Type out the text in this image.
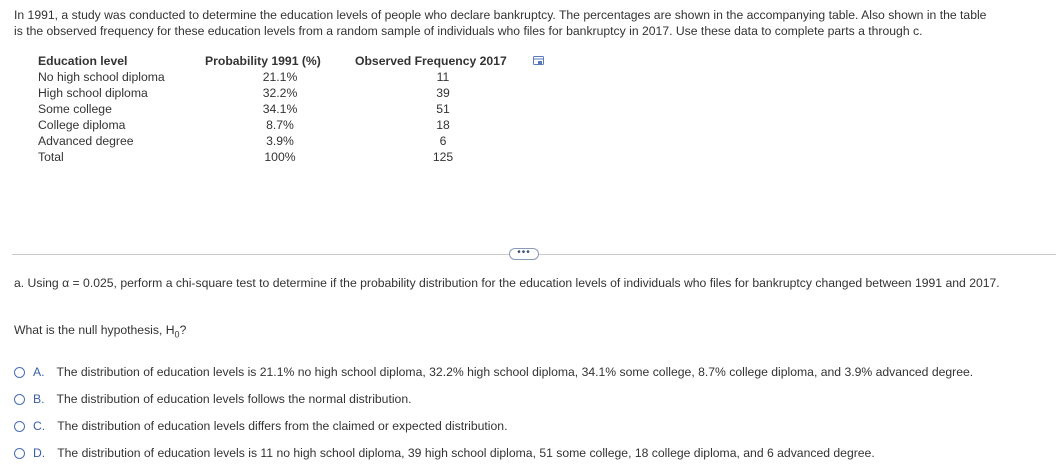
In 1991, a study was conducted to determine the education levels of people who declare bankruptcy. The percentages are shown in the accompanying table. Also shown in the table
is the observed frequency for these education levels from a random sample of individuals who files for bankruptcy in 2017. Use these data to complete parts a through c.
Education level	Probability 1991 (%)	Observed Frequency 2017
No high school diploma	21.1%	11
High school diploma	32.2%	39
Some college	34.1%	51
College diploma	8.7%	18
Advanced degree	3.9%	6
Total	100%	125
•••
a. Using α = 0.025, perform a chi-square test to determine if the probability distribution for the education levels of individuals who files for bankruptcy changed between 1991 and 2017.
What is the null hypothesis, $H_0$?
A. The distribution of education levels is 21.1% no high school diploma, 32.2% high school diploma, 34.1% some college, 8.7% college diploma, and 3.9% advanced degree.
B. The distribution of education levels follows the normal distribution.
C. The distribution of education levels differs from the claimed or expected distribution.
D. The distribution of education levels is 11 no high school diploma, 39 high school diploma, 51 some college, 18 college diploma, and 6 advanced degree.
